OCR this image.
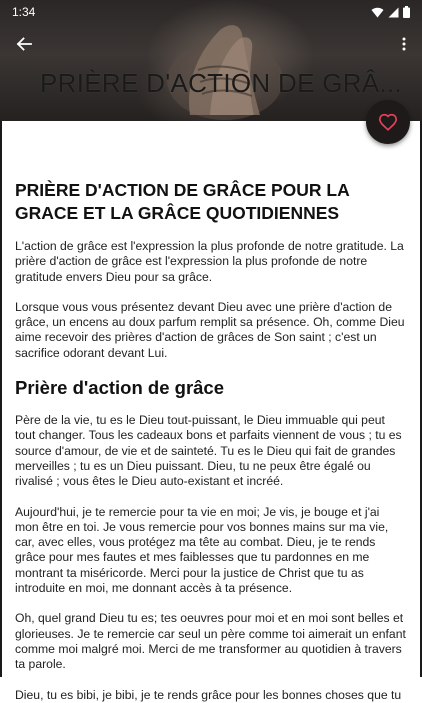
1:34
PRIÈRE D'ACTION DE GRÂ...
PRIÈRE D'ACTION DE GRÂCE POUR LA GRACE ET LA GRÂCE QUOTIDIENNES

L'action de grâce est l'expression la plus profonde de notre gratitude. La prière d'action de grâce est l'expression la plus profonde de notre gratitude envers Dieu pour sa grâce.

Lorsque vous vous présentez devant Dieu avec une prière d'action de grâce, un encens au doux parfum remplit sa présence. Oh, comme Dieu aime recevoir des prières d'action de grâces de Son saint ; c'est un sacrifice odorant devant Lui.

Prière d'action de grâce

Père de la vie, tu es le Dieu tout-puissant, le Dieu immuable qui peut tout changer. Tous les cadeaux bons et parfaits viennent de vous ; tu es source d'amour, de vie et de sainteté. Tu es le Dieu qui fait de grandes merveilles ; tu es un Dieu puissant. Dieu, tu ne peux être égalé ou rivalisé ; vous êtes le Dieu auto-existant et incréé.

Aujourd'hui, je te remercie pour ta vie en moi; Je vis, je bouge et j'ai mon être en toi. Je vous remercie pour vos bonnes mains sur ma vie, car, avec elles, vous protégez ma tête au combat. Dieu, je te rends grâce pour mes fautes et mes faiblesses que tu pardonnes en me montrant ta miséricorde. Merci pour la justice de Christ que tu as introduite en moi, me donnant accès à ta présence.

Oh, quel grand Dieu tu es; tes oeuvres pour moi et en moi sont belles et glorieuses. Je te remercie car seul un père comme toi aimerait un enfant comme moi malgré moi. Merci de me transformer au quotidien à travers ta parole.

Dieu, tu es bibi, je bibi, je te rends grâce pour les bonnes choses que tu
